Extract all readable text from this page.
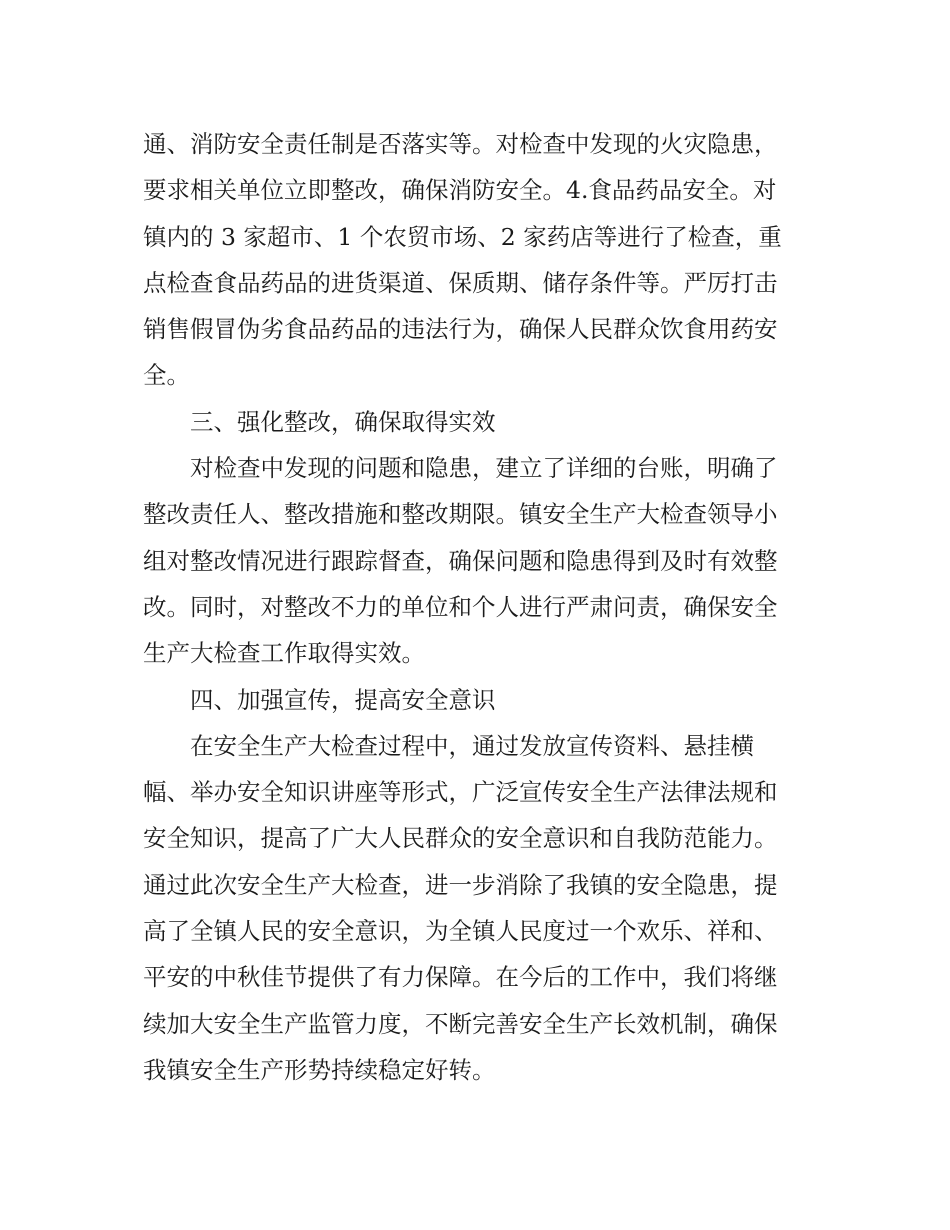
通、消防安全责任制是否落实等。对检查中发现的火灾隐患，
要求相关单位立即整改，确保消防安全。4.食品药品安全。对
镇内的 3 家超市、1 个农贸市场、2 家药店等进行了检查，重
点检查食品药品的进货渠道、保质期、储存条件等。严厉打击
销售假冒伪劣食品药品的违法行为，确保人民群众饮食用药安
全。
三、强化整改，确保取得实效
对检查中发现的问题和隐患，建立了详细的台账，明确了
整改责任人、整改措施和整改期限。镇安全生产大检查领导小
组对整改情况进行跟踪督查，确保问题和隐患得到及时有效整
改。同时，对整改不力的单位和个人进行严肃问责，确保安全
生产大检查工作取得实效。
四、加强宣传，提高安全意识
在安全生产大检查过程中，通过发放宣传资料、悬挂横
幅、举办安全知识讲座等形式，广泛宣传安全生产法律法规和
安全知识，提高了广大人民群众的安全意识和自我防范能力。
通过此次安全生产大检查，进一步消除了我镇的安全隐患，提
高了全镇人民的安全意识，为全镇人民度过一个欢乐、祥和、
平安的中秋佳节提供了有力保障。在今后的工作中，我们将继
续加大安全生产监管力度，不断完善安全生产长效机制，确保
我镇安全生产形势持续稳定好转。
